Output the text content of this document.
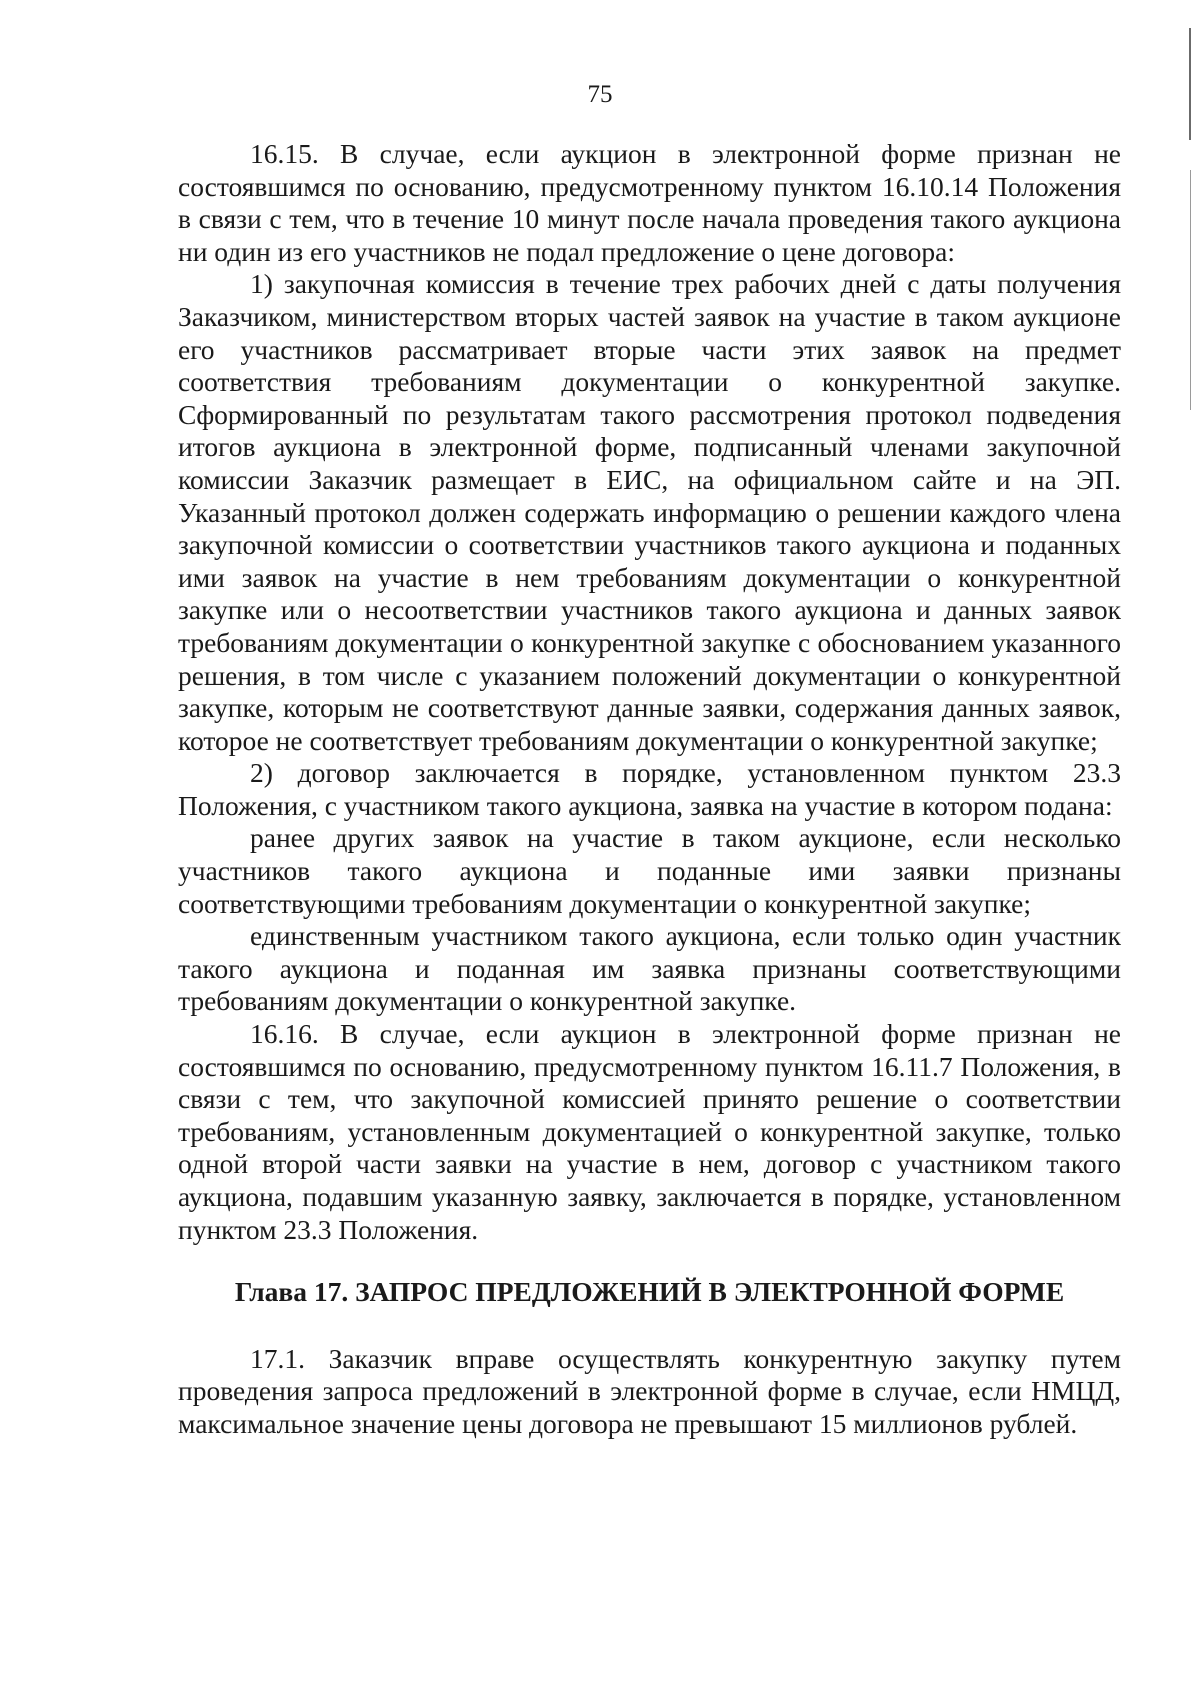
75

16.15. В случае, если аукцион в электронной форме признан не состоявшимся по основанию, предусмотренному пунктом 16.10.14 Положения в связи с тем, что в течение 10 минут после начала проведения такого аукциона ни один из его участников не подал предложение о цене договора:

1) закупочная комиссия в течение трех рабочих дней с даты получения Заказчиком, министерством вторых частей заявок на участие в таком аукционе его участников рассматривает вторые части этих заявок на предмет соответствия требованиям документации о конкурентной закупке. Сформированный по результатам такого рассмотрения протокол подведения итогов аукциона в электронной форме, подписанный членами закупочной комиссии Заказчик размещает в ЕИС, на официальном сайте и на ЭП. Указанный протокол должен содержать информацию о решении каждого члена закупочной комиссии о соответствии участников такого аукциона и поданных ими заявок на участие в нем требованиям документации о конкурентной закупке или о несоответствии участников такого аукциона и данных заявок требованиям документации о конкурентной закупке с обоснованием указанного решения, в том числе с указанием положений документации о конкурентной закупке, которым не соответствуют данные заявки, содержания данных заявок, которое не соответствует требованиям документации о конкурентной закупке;

2) договор заключается в порядке, установленном пунктом 23.3 Положения, с участником такого аукциона, заявка на участие в котором подана:

ранее других заявок на участие в таком аукционе, если несколько участников такого аукциона и поданные ими заявки признаны соответствующими требованиям документации о конкурентной закупке;

единственным участником такого аукциона, если только один участник такого аукциона и поданная им заявка признаны соответствующими требованиям документации о конкурентной закупке.

16.16. В случае, если аукцион в электронной форме признан не состоявшимся по основанию, предусмотренному пунктом 16.11.7 Положения, в связи с тем, что закупочной комиссией принято решение о соответствии требованиям, установленным документацией о конкурентной закупке, только одной второй части заявки на участие в нем, договор с участником такого аукциона, подавшим указанную заявку, заключается в порядке, установленном пунктом 23.3 Положения.

Глава 17. ЗАПРОС ПРЕДЛОЖЕНИЙ В ЭЛЕКТРОННОЙ ФОРМЕ

17.1. Заказчик вправе осуществлять конкурентную закупку путем проведения запроса предложений в электронной форме в случае, если НМЦД, максимальное значение цены договора не превышают 15 миллионов рублей.
